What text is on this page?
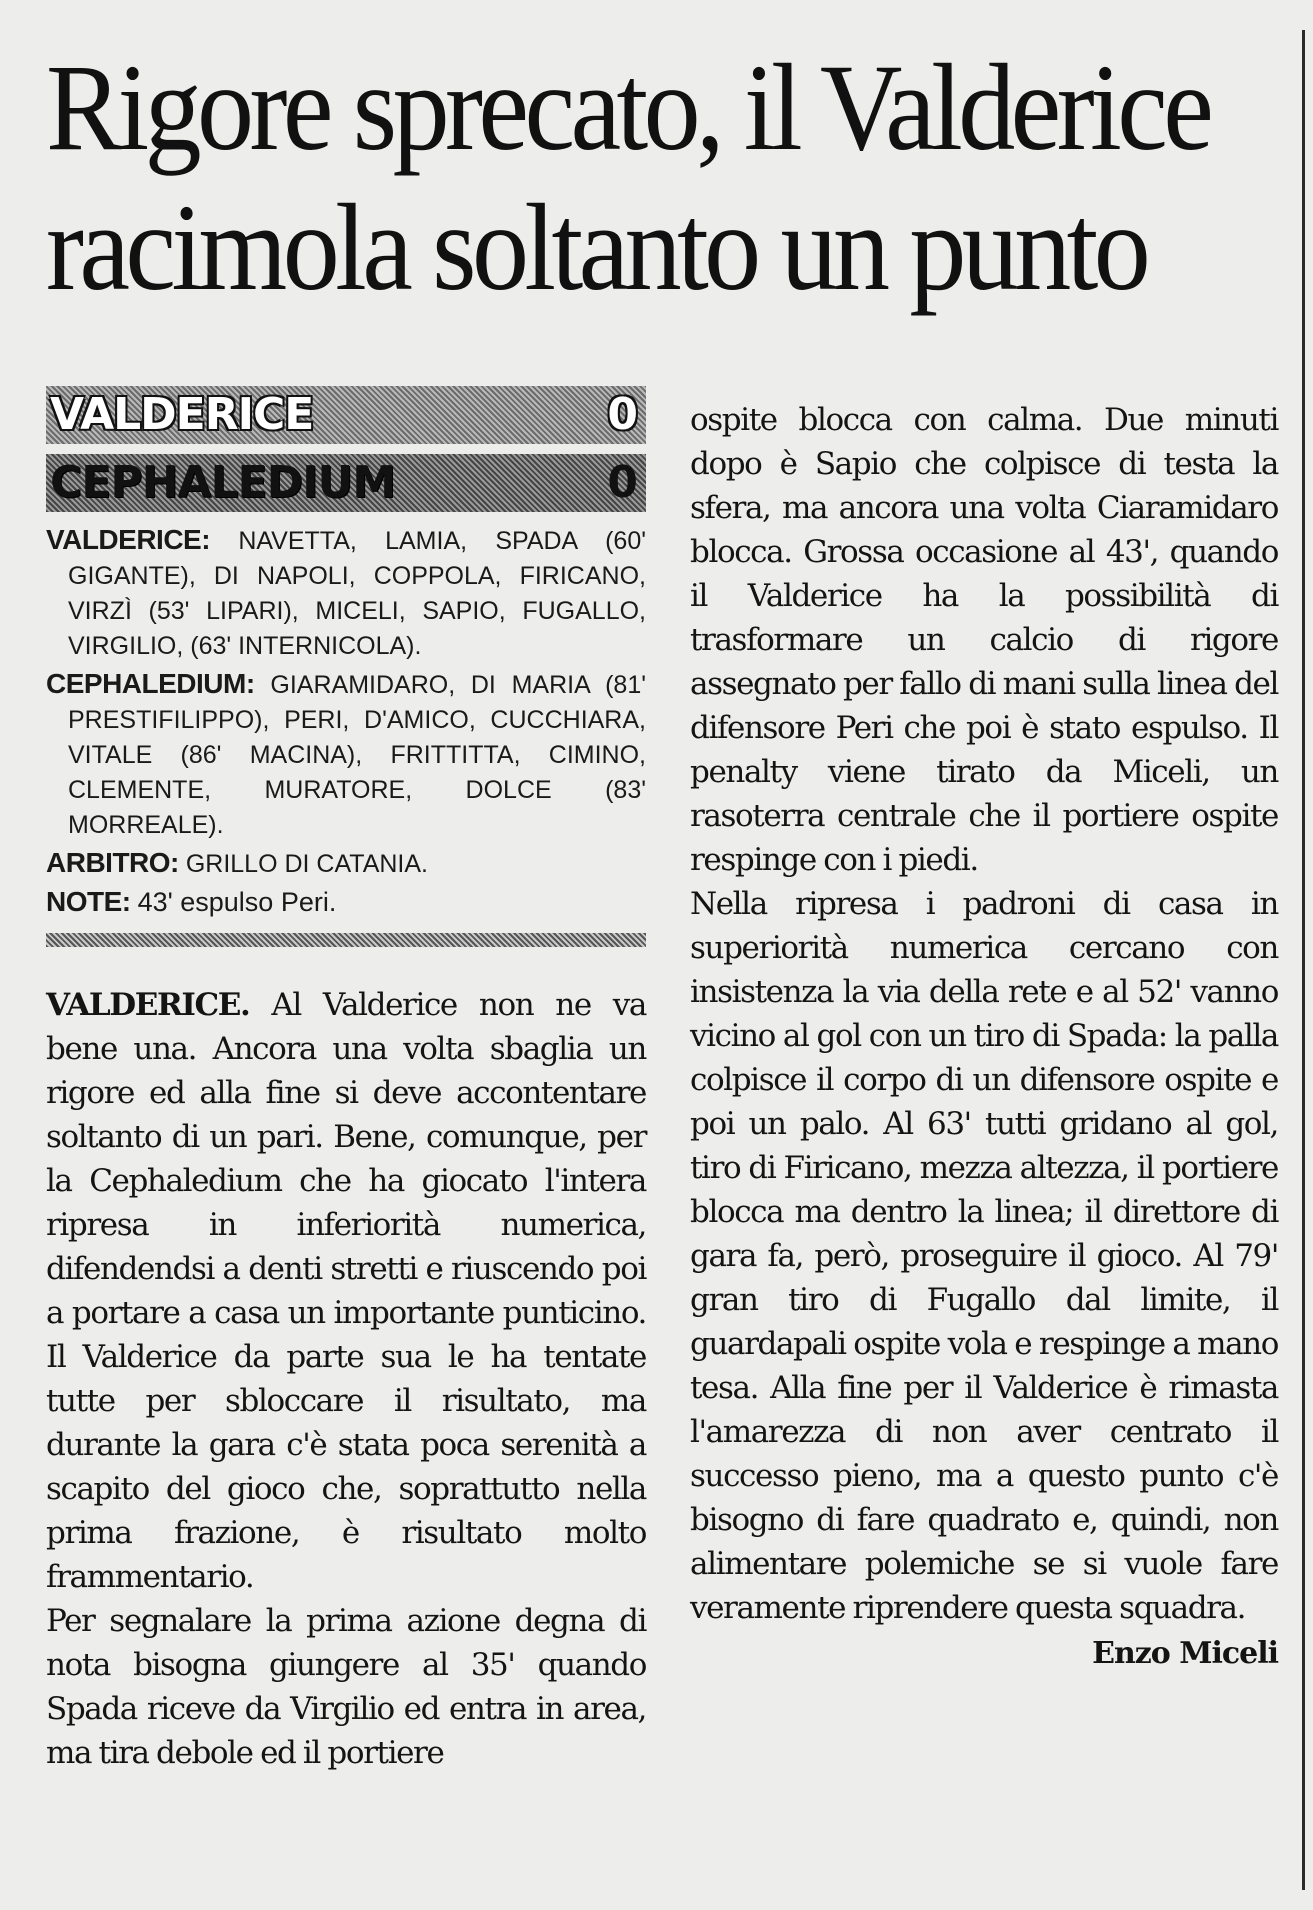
Rigore sprecato, il Valderice
racimola soltanto un punto
VALDERICE	0
CEPHALEDIUM	0

VALDERICE: NAVETTA, LAMIA, SPADA (60' GIGANTE), DI NAPOLI, COPPOLA, FIRICANO, VIRZÌ (53' LIPARI), MICELI, SAPIO, FUGALLO, VIRGILIO, (63' INTERNICOLA).

CEPHALEDIUM: GIARAMIDARO, DI MARIA (81' PRESTIFILIPPO), PERI, D'AMICO, CUCCHIARA, VITALE (86' MACINA), FRITTITTA, CIMINO, CLEMENTE, MURATORE, DOLCE (83' MORREALE).

ARBITRO: GRILLO DI CATANIA.

NOTE: 43' espulso Peri.

VALDERICE. Al Valderice non ne va bene una. Ancora una volta sbaglia un rigore ed alla fine si deve accontentare soltanto di un pari. Bene, comunque, per la Cephaledium che ha giocato l'intera ripresa in inferiorità numerica, difendendsi a denti stretti e riuscendo poi a portare a casa un importante punticino. Il Valderice da parte sua le ha tentate tutte per sbloccare il risultato, ma durante la gara c'è stata poca serenità a scapito del gioco che, soprattutto nella prima frazione, è risultato molto frammentario.

Per segnalare la prima azione degna di nota bisogna giungere al 35' quando Spada riceve da Virgilio ed entra in area, ma tira debole ed il portiere

ospite blocca con calma. Due minuti dopo è Sapio che colpisce di testa la sfera, ma ancora una volta Ciaramidaro blocca. Grossa occasione al 43', quando il Valderice ha la possibilità di trasformare un calcio di rigore assegnato per fallo di mani sulla linea del difensore Peri che poi è stato espulso. Il penalty viene tirato da Miceli, un rasoterra centrale che il portiere ospite respinge con i piedi.

Nella ripresa i padroni di casa in superiorità numerica cercano con insistenza la via della rete e al 52' vanno vicino al gol con un tiro di Spada: la palla colpisce il corpo di un difensore ospite e poi un palo. Al 63' tutti gridano al gol, tiro di Firicano, mezza altezza, il portiere blocca ma dentro la linea; il direttore di gara fa, però, proseguire il gioco. Al 79' gran tiro di Fugallo dal limite, il guardapali ospite vola e respinge a mano tesa. Alla fine per il Valderice è rimasta l'amarezza di non aver centrato il successo pieno, ma a questo punto c'è bisogno di fare quadrato e, quindi, non alimentare polemiche se si vuole fare veramente riprendere questa squadra.

Enzo Miceli
